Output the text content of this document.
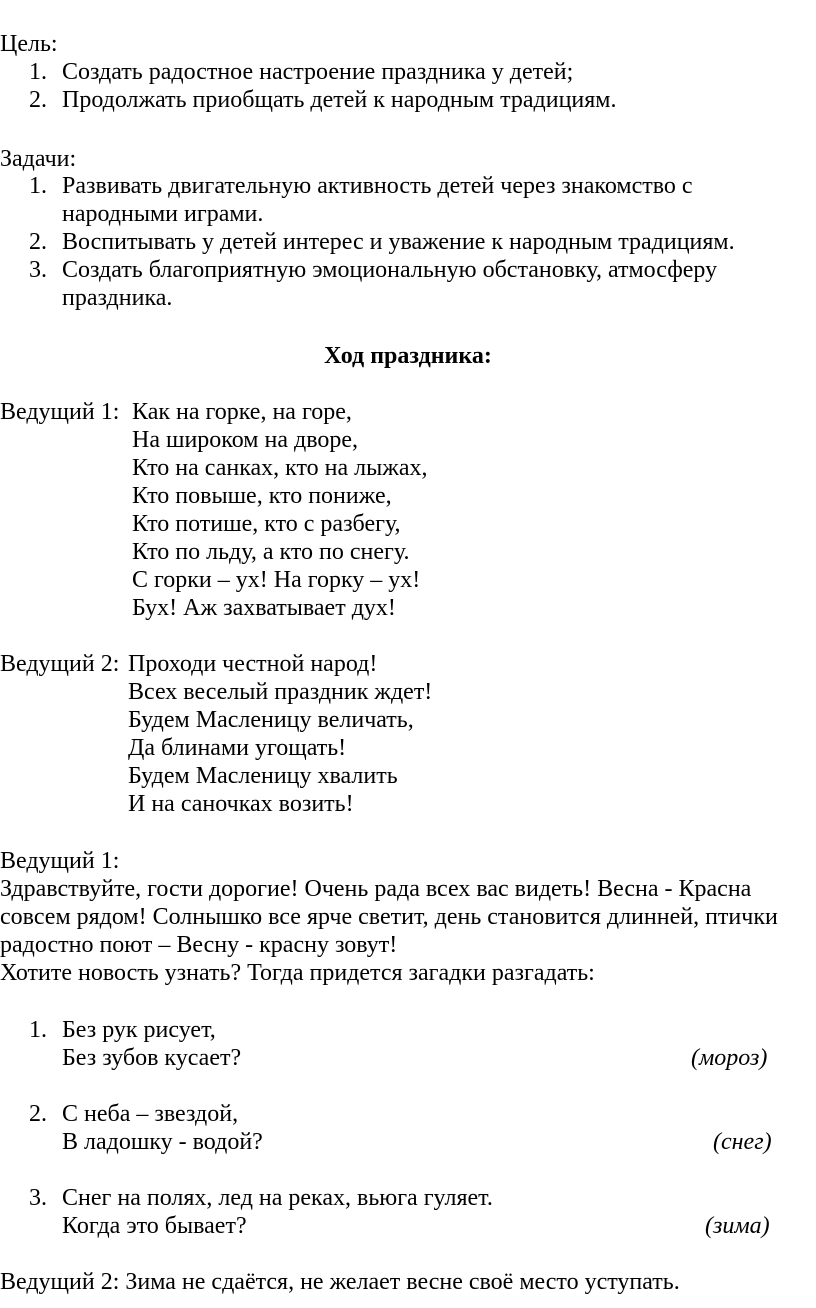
Цель:
1. Создать радостное настроение праздника у детей;
2. Продолжать приобщать детей к народным традициям.
Задачи:
1. Развивать двигательную активность детей через знакомство с
народными играми.
2. Воспитывать у детей интерес и уважение к народным традициям.
3. Создать благоприятную эмоциональную обстановку, атмосферу
праздника.
Ход праздника:
Ведущий 1: Как на горке, на горе,
На широком на дворе,
Кто на санках, кто на лыжах,
Кто повыше, кто пониже,
Кто потише, кто с разбегу,
Кто по льду, а кто по снегу.
С горки – ух! На горку – ух!
Бух! Аж захватывает дух!
Ведущий 2: Проходи честной народ!
Всех веселый праздник ждет!
Будем Масленицу величать,
Да блинами угощать!
Будем Масленицу хвалить
И на саночках возить!
Ведущий 1:
Здравствуйте, гости дорогие! Очень рада всех вас видеть! Весна - Красна
совсем рядом! Солнышко все ярче светит, день становится длинней, птички
радостно поют – Весну - красну зовут!
Хотите новость узнать? Тогда придется загадки разгадать:
1. Без рук рисует,
Без зубов кусает?	(мороз)
2. С неба – звездой,
В ладошку - водой?	(снег)
3. Снег на полях, лед на реках, вьюга гуляет.
Когда это бывает?	(зима)
Ведущий 2: Зима не сдаётся, не желает весне своё место уступать.
